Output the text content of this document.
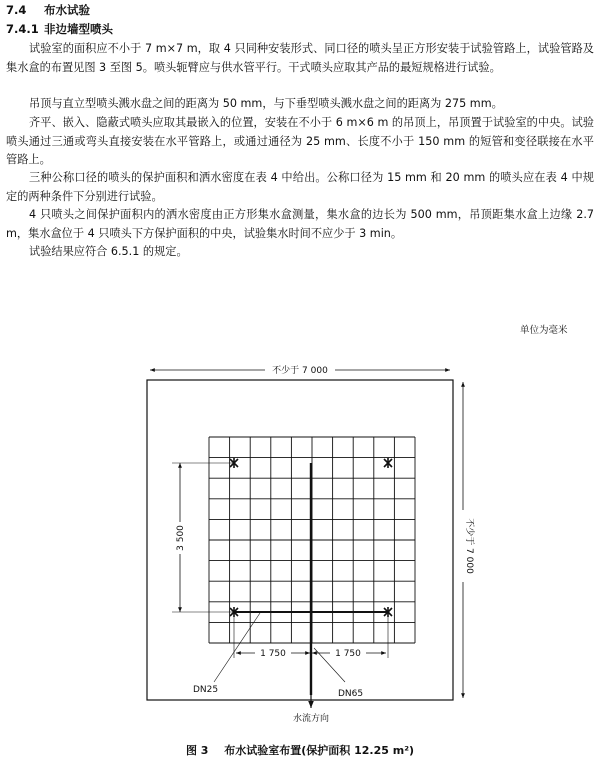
7.4 布水试验
7.4.1 非边墙型喷头

试验室的面积应不小于 7 m×7 m，取 4 只同种安装形式、同口径的喷头呈正方形安装于试验管路上，试验管路及集水盒的布置见图 3 至图 5。喷头轭臂应与供水管平行。干式喷头应取其产品的最短规格进行试验。

吊顶与直立型喷头溅水盘之间的距离为 50 mm，与下垂型喷头溅水盘之间的距离为 275 mm。

齐平、嵌入、隐蔽式喷头应取其最嵌入的位置，安装在不小于 6 m×6 m 的吊顶上，吊顶置于试验室的中央。试验喷头通过三通或弯头直接安装在水平管路上，或通过通径为 25 mm、长度不小于 150 mm 的短管和变径联接在水平管路上。

三种公称口径的喷头的保护面积和洒水密度在表 4 中给出。公称口径为 15 mm 和 20 mm 的喷头应在表 4 中规定的两种条件下分别进行试验。

4 只喷头之间保护面积内的洒水密度由正方形集水盒测量，集水盒的边长为 500 mm，吊顶距集水盒上边缘 2.7 m，集水盒位于 4 只喷头下方保护面积的中央，试验集水时间不应少于 3 min。

试验结果应符合 6.5.1 的规定。

单位为毫米
不少于 7 000
不少于 7 000
3 500
1 750	1 750
DN25	DN65
水流方向
图 3 布水试验室布置(保护面积 12.25 m²)
